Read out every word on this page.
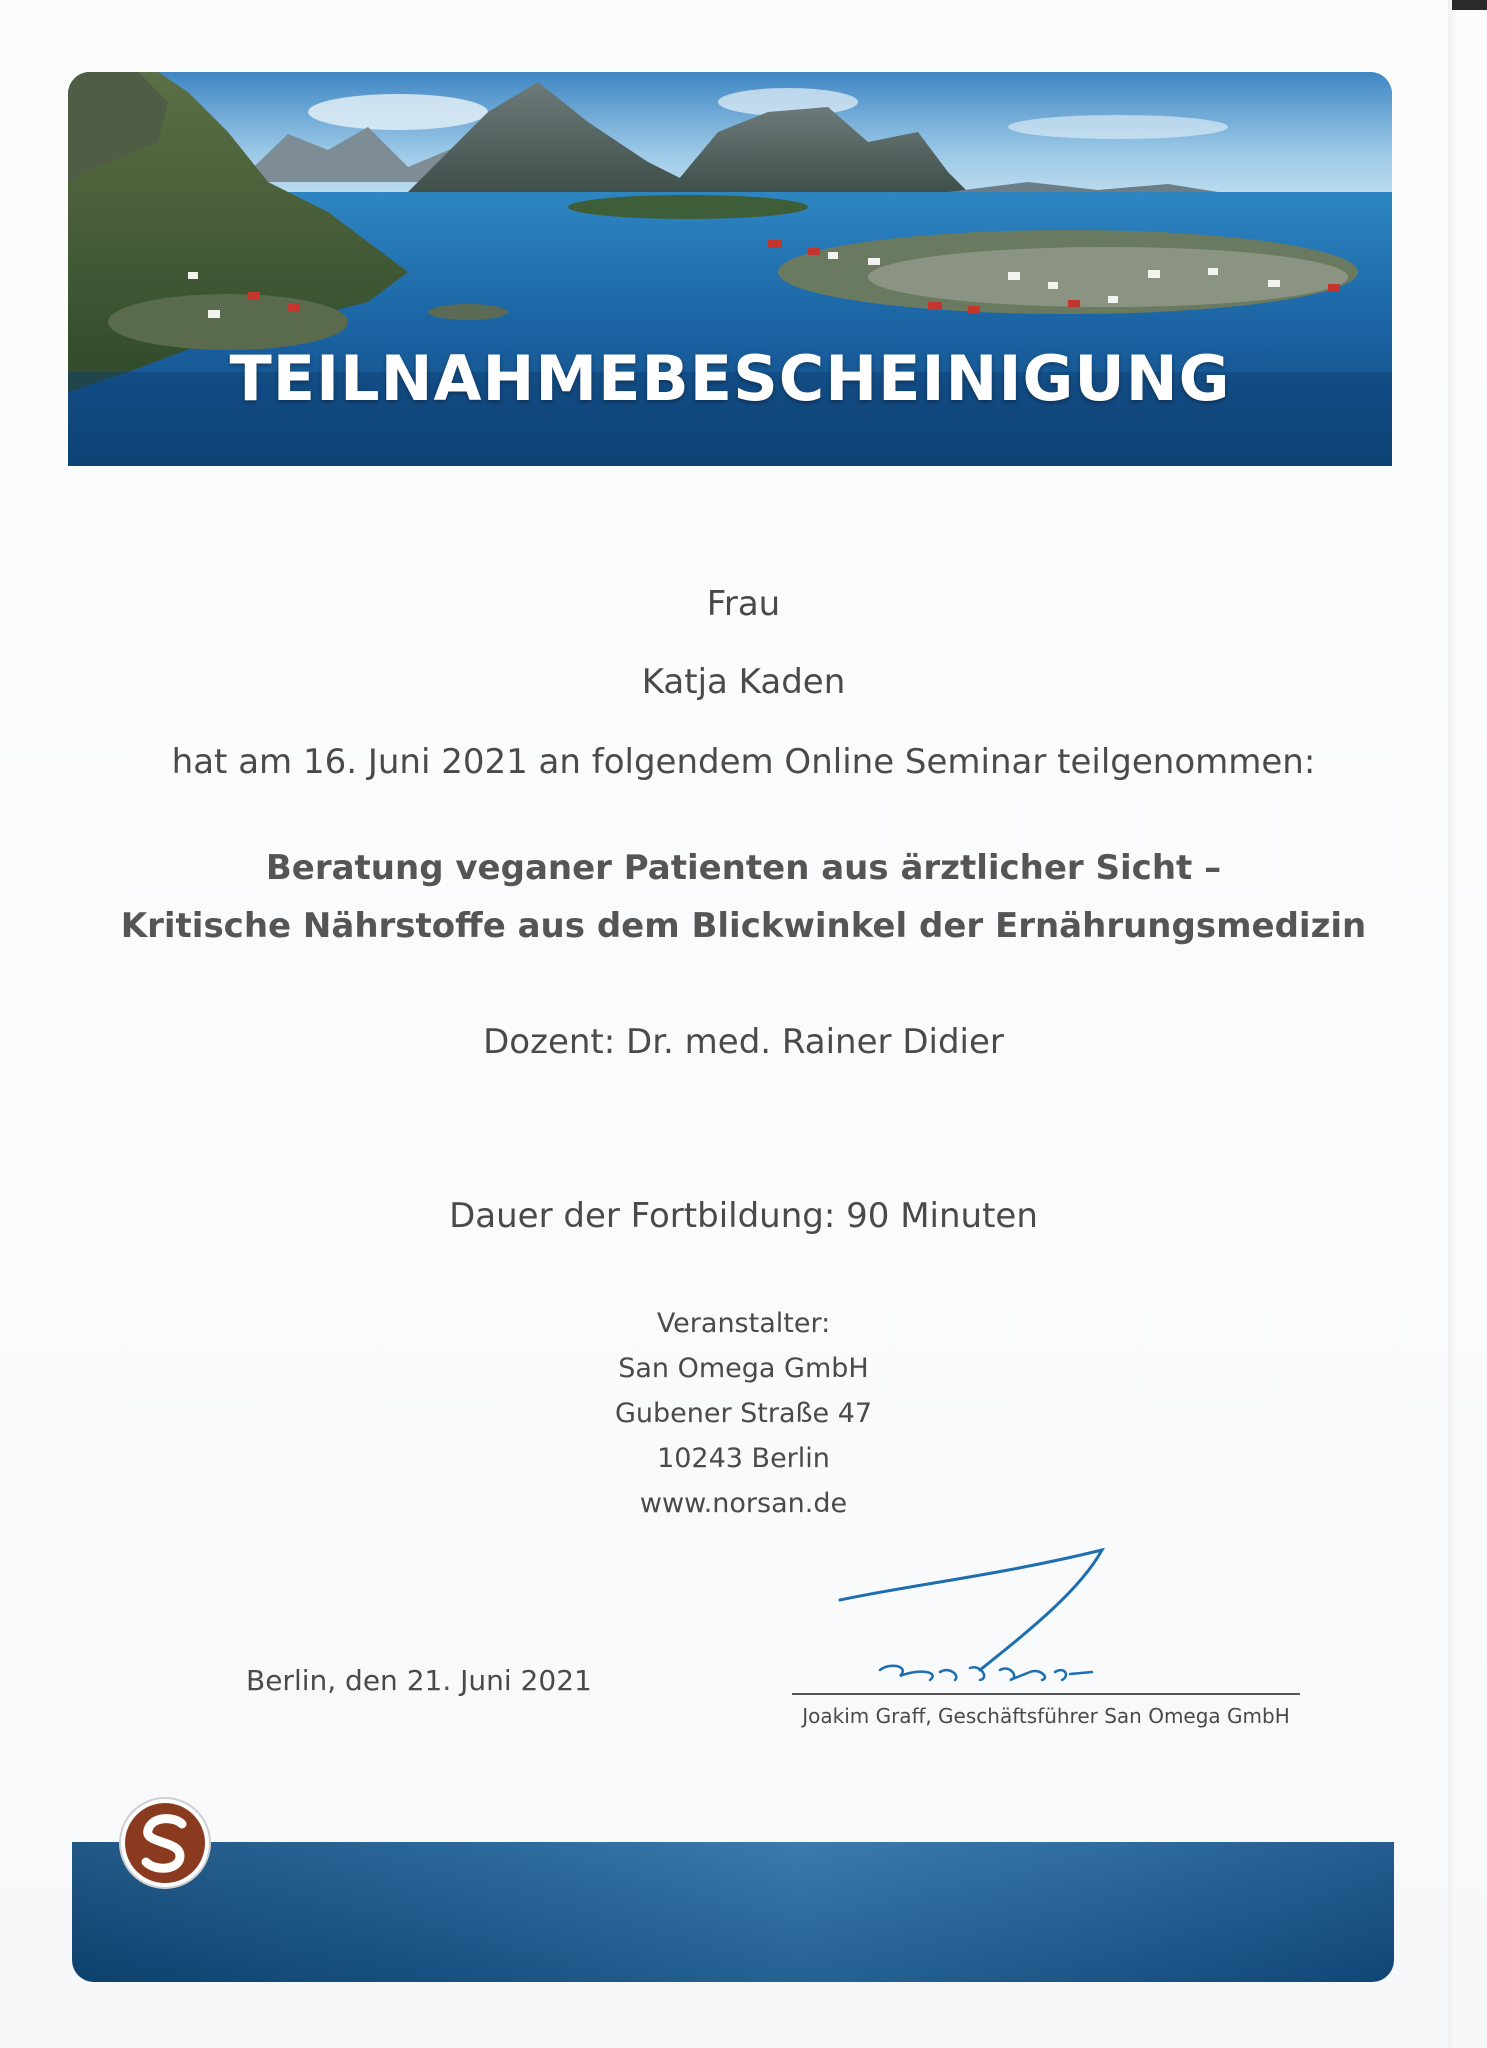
TEILNAHMEBESCHEINIGUNG
Frau
Katja Kaden
hat am 16. Juni 2021 an folgendem Online Seminar teilgenommen:
Beratung veganer Patienten aus ärztlicher Sicht –
Kritische Nährstoffe aus dem Blickwinkel der Ernährungsmedizin
Dozent: Dr. med. Rainer Didier
Dauer der Fortbildung: 90 Minuten
Veranstalter:
San Omega GmbH
Gubener Straße 47
10243 Berlin
www.norsan.de
Berlin, den 21. Juni 2021
Joakim Graff, Geschäftsführer San Omega GmbH
